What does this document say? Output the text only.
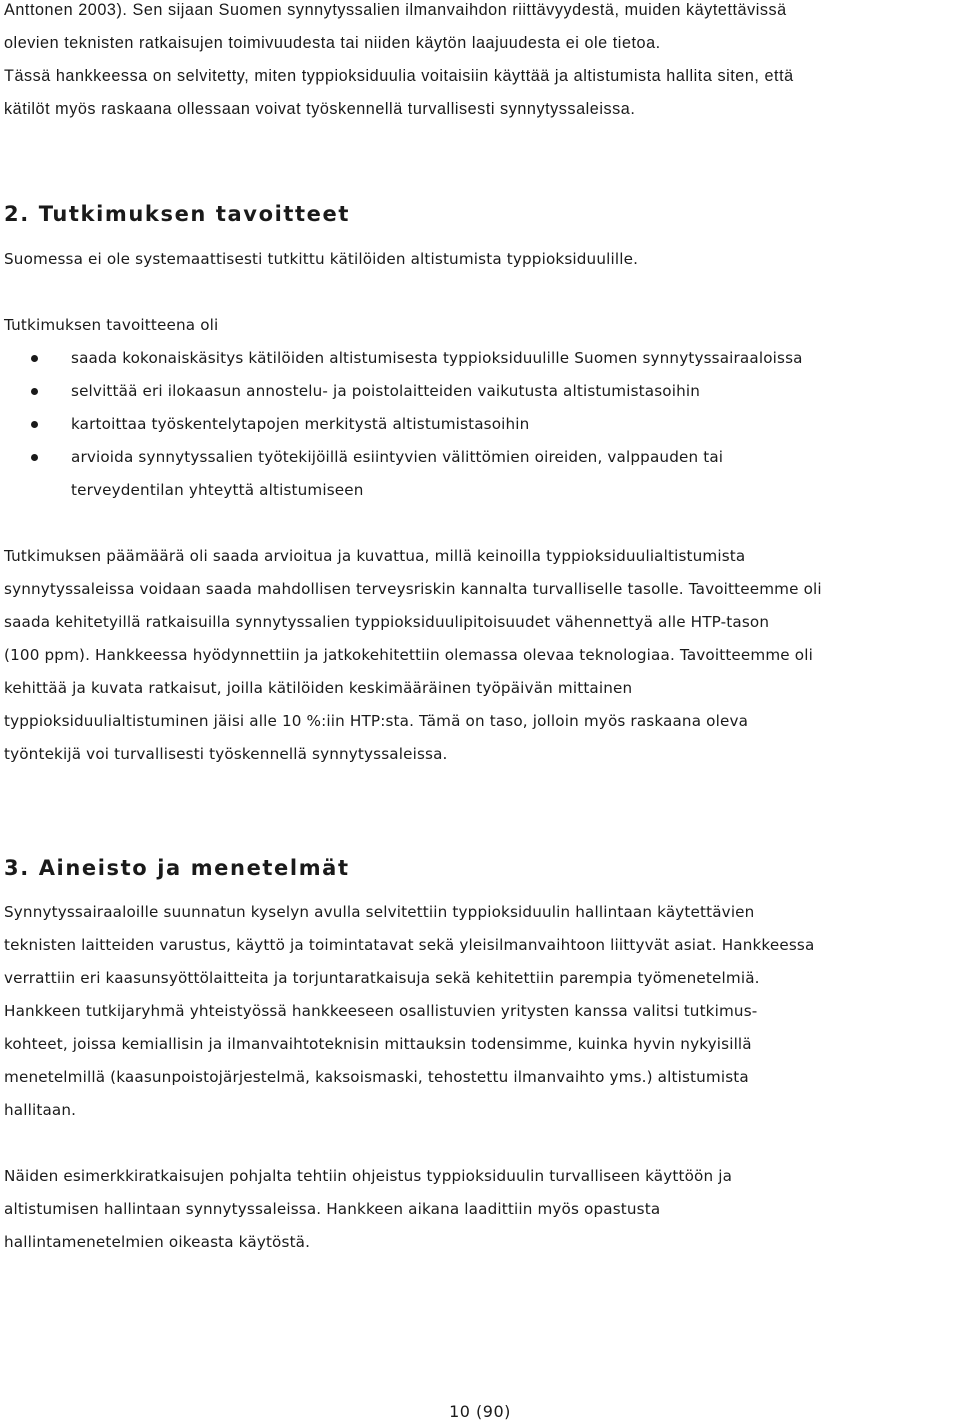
Anttonen 2003). Sen sijaan Suomen synnytyssalien ilmanvaihdon riittävyydestä, muiden käytettävissä
olevien teknisten ratkaisujen toimivuudesta tai niiden käytön laajuudesta ei ole tietoa.
Tässä hankkeessa on selvitetty, miten typpioksiduulia voitaisiin käyttää ja altistumista hallita siten, että
kätilöt myös raskaana ollessaan voivat työskennellä turvallisesti synnytyssaleissa.

2. Tutkimuksen tavoitteet

Suomessa ei ole systemaattisesti tutkittu kätilöiden altistumista typpioksiduulille.

Tutkimuksen tavoitteena oli

saada kokonaiskäsitys kätilöiden altistumisesta typpioksiduulille Suomen synnytyssairaaloissa
selvittää eri ilokaasun annostelu- ja poistolaitteiden vaikutusta altistumistasoihin
kartoittaa työskentelytapojen merkitystä altistumistasoihin
arvioida synnytyssalien työtekijöillä esiintyvien välittömien oireiden, valppauden tai
terveydentilan yhteyttä altistumiseen

Tutkimuksen päämäärä oli saada arvioitua ja kuvattua, millä keinoilla typpioksiduulialtistumista
synnytyssaleissa voidaan saada mahdollisen terveysriskin kannalta turvalliselle tasolle. Tavoitteemme oli
saada kehitetyillä ratkaisuilla synnytyssalien typpioksiduulipitoisuudet vähennettyä alle HTP-tason
(100 ppm). Hankkeessa hyödynnettiin ja jatkokehitettiin olemassa olevaa teknologiaa. Tavoitteemme oli
kehittää ja kuvata ratkaisut, joilla kätilöiden keskimääräinen työpäivän mittainen
typpioksiduulialtistuminen jäisi alle 10 %:iin HTP:sta. Tämä on taso, jolloin myös raskaana oleva
työntekijä voi turvallisesti työskennellä synnytyssaleissa.

3. Aineisto ja menetelmät

Synnytyssairaaloille suunnatun kyselyn avulla selvitettiin typpioksiduulin hallintaan käytettävien
teknisten laitteiden varustus, käyttö ja toimintatavat sekä yleisilmanvaihtoon liittyvät asiat. Hankkeessa
verrattiin eri kaasunsyöttölaitteita ja torjuntaratkaisuja sekä kehitettiin parempia työmenetelmiä.
Hankkeen tutkijaryhmä yhteistyössä hankkeeseen osallistuvien yritysten kanssa valitsi tutkimus-
kohteet, joissa kemiallisin ja ilmanvaihtoteknisin mittauksin todensimme, kuinka hyvin nykyisillä
menetelmillä (kaasunpoistojärjestelmä, kaksoismaski, tehostettu ilmanvaihto yms.) altistumista
hallitaan.

Näiden esimerkkiratkaisujen pohjalta tehtiin ohjeistus typpioksiduulin turvalliseen käyttöön ja
altistumisen hallintaan synnytyssaleissa. Hankkeen aikana laadittiin myös opastusta
hallintamenetelmien oikeasta käytöstä.

10 (90)
